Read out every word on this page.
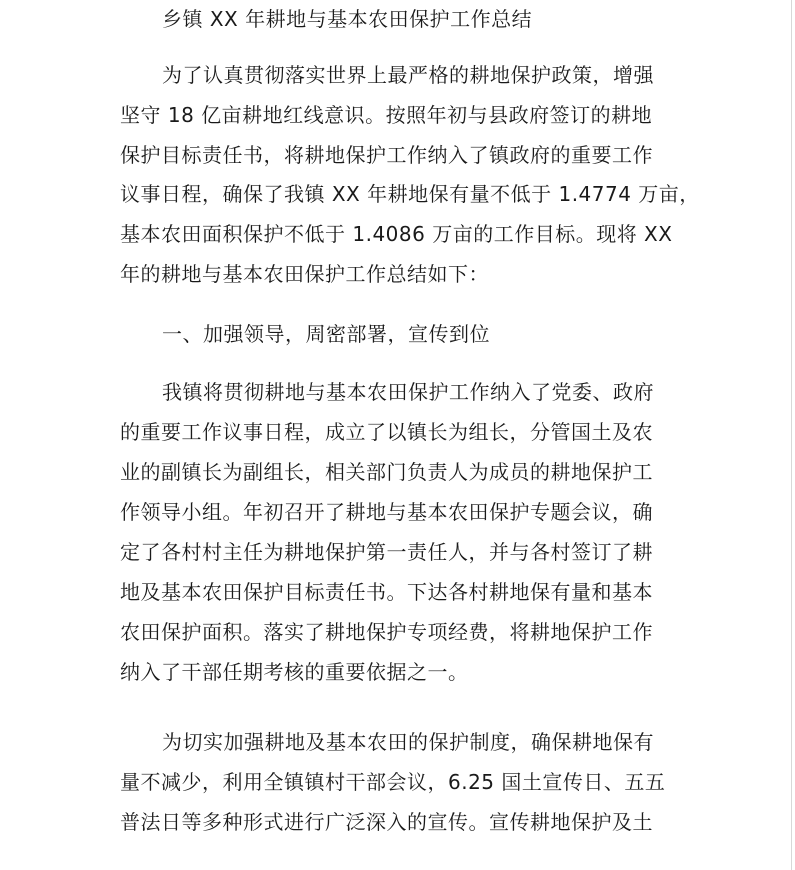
乡镇 XX 年耕地与基本农田保护工作总结
为了认真贯彻落实世界上最严格的耕地保护政策，增强
坚守 18 亿亩耕地红线意识。按照年初与县政府签订的耕地
保护目标责任书，将耕地保护工作纳入了镇政府的重要工作
议事日程，确保了我镇 XX 年耕地保有量不低于 1.4774 万亩，
基本农田面积保护不低于 1.4086 万亩的工作目标。现将 XX
年的耕地与基本农田保护工作总结如下：
一、加强领导，周密部署，宣传到位
我镇将贯彻耕地与基本农田保护工作纳入了党委、政府
的重要工作议事日程，成立了以镇长为组长，分管国土及农
业的副镇长为副组长，相关部门负责人为成员的耕地保护工
作领导小组。年初召开了耕地与基本农田保护专题会议，确
定了各村村主任为耕地保护第一责任人，并与各村签订了耕
地及基本农田保护目标责任书。下达各村耕地保有量和基本
农田保护面积。落实了耕地保护专项经费，将耕地保护工作
纳入了干部任期考核的重要依据之一。
为切实加强耕地及基本农田的保护制度，确保耕地保有
量不减少，利用全镇镇村干部会议，6.25 国土宣传日、五五
普法日等多种形式进行广泛深入的宣传。宣传耕地保护及土
